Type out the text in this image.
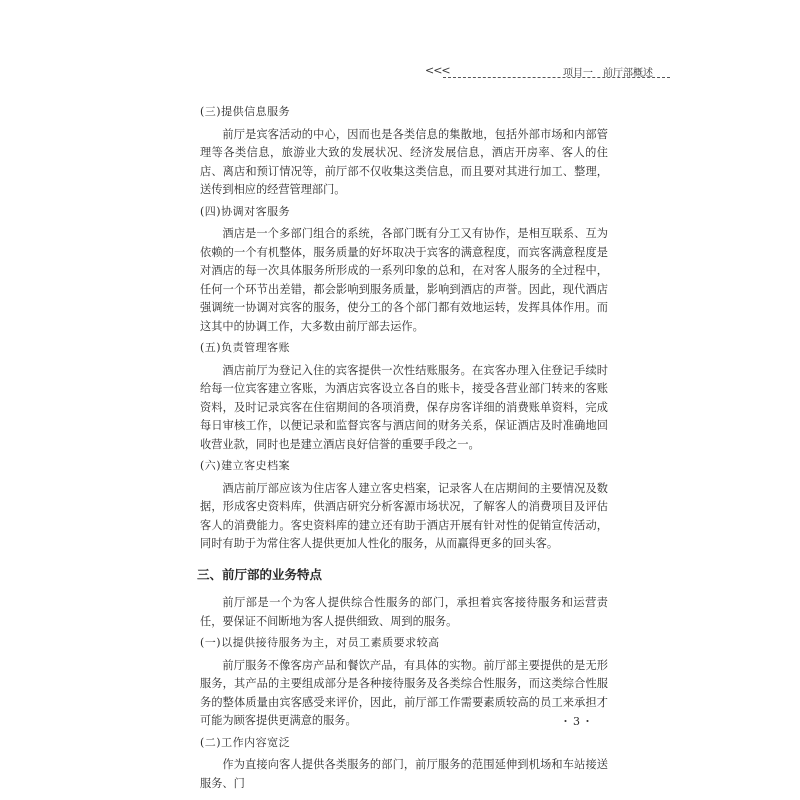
<<<	项目一　前厅部概述
(三)提供信息服务

前厅是宾客活动的中心，因而也是各类信息的集散地，包括外部市场和内部管理等各类信息，旅游业大致的发展状况、经济发展信息，酒店开房率、客人的住店、离店和预订情况等，前厅部不仅收集这类信息，而且要对其进行加工、整理，送传到相应的经营管理部门。

(四)协调对客服务

酒店是一个多部门组合的系统，各部门既有分工又有协作，是相互联系、互为依赖的一个有机整体，服务质量的好坏取决于宾客的满意程度，而宾客满意程度是对酒店的每一次具体服务所形成的一系列印象的总和，在对客人服务的全过程中，任何一个环节出差错，都会影响到服务质量，影响到酒店的声誉。因此，现代酒店强调统一协调对宾客的服务，使分工的各个部门都有效地运转，发挥具体作用。而这其中的协调工作，大多数由前厅部去运作。

(五)负责管理客账

酒店前厅为登记入住的宾客提供一次性结账服务。在宾客办理入住登记手续时给每一位宾客建立客账，为酒店宾客设立各自的账卡，接受各营业部门转来的客账资料，及时记录宾客在住宿期间的各项消费，保存房客详细的消费账单资料，完成每日审核工作，以便记录和监督宾客与酒店间的财务关系，保证酒店及时准确地回收营业款，同时也是建立酒店良好信誉的重要手段之一。

(六)建立客史档案

酒店前厅部应该为住店客人建立客史档案，记录客人在店期间的主要情况及数据，形成客史资料库，供酒店研究分析客源市场状况，了解客人的消费项目及评估客人的消费能力。客史资料库的建立还有助于酒店开展有针对性的促销宣传活动，同时有助于为常住客人提供更加人性化的服务，从而赢得更多的回头客。

三、前厅部的业务特点

前厅部是一个为客人提供综合性服务的部门，承担着宾客接待服务和运营责任，要保证不间断地为客人提供细致、周到的服务。

(一)以提供接待服务为主，对员工素质要求较高

前厅服务不像客房产品和餐饮产品，有具体的实物。前厅部主要提供的是无形服务，其产品的主要组成部分是各种接待服务及各类综合性服务，而这类综合性服务的整体质量由宾客感受来评价，因此，前厅部工作需要素质较高的员工来承担才可能为顾客提供更满意的服务。

(二)工作内容宽泛

作为直接向客人提供各类服务的部门，前厅服务的范围延伸到机场和车站接送服务、门

・3・
